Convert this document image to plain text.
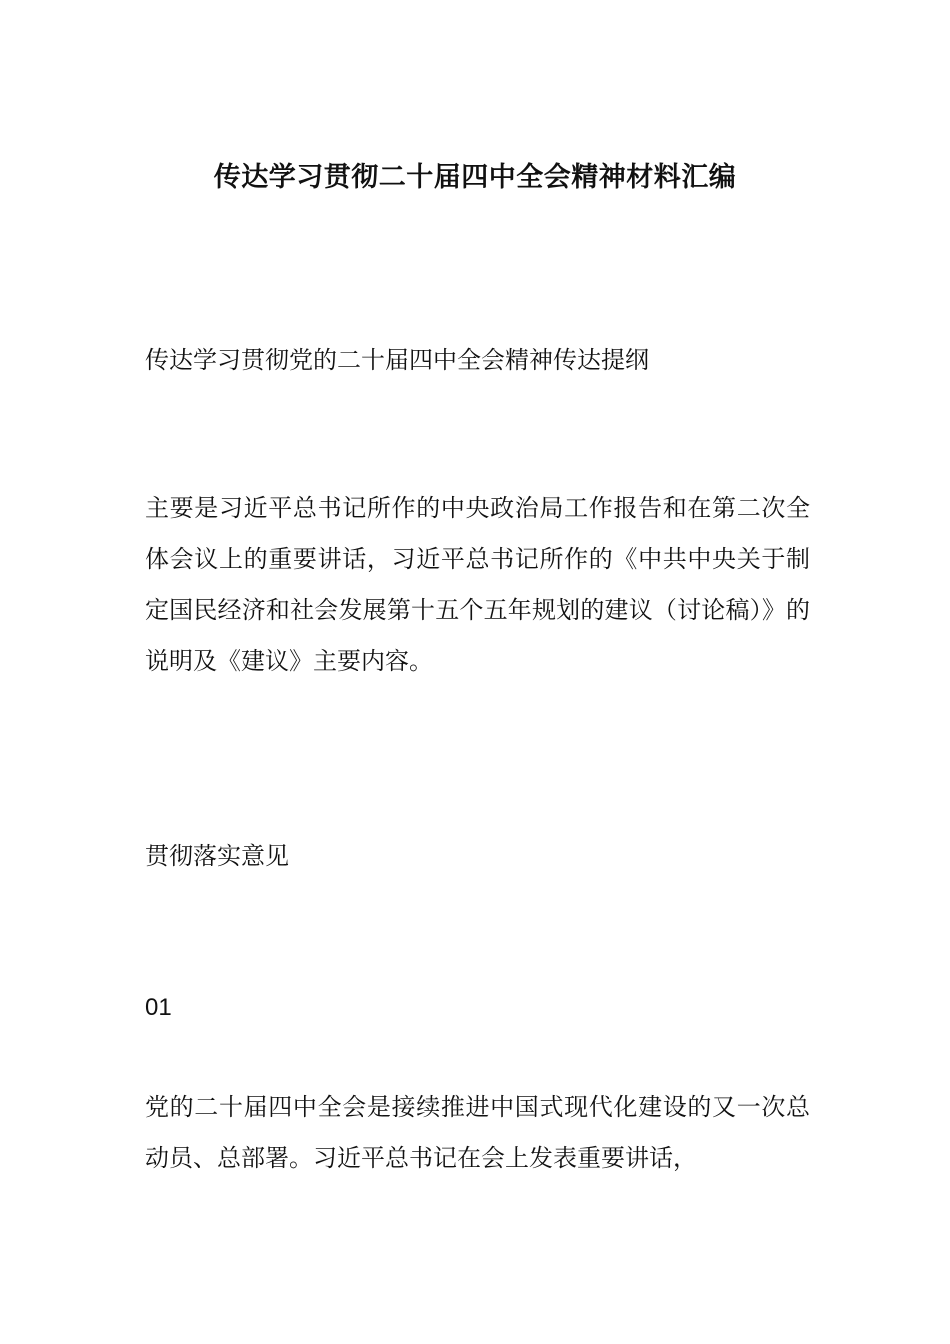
传达学习贯彻二十届四中全会精神材料汇编

传达学习贯彻党的二十届四中全会精神传达提纲

主要是习近平总书记所作的中央政治局工作报告和在第二次全体会议上的重要讲话，习近平总书记所作的《中共中央关于制定国民经济和社会发展第十五个五年规划的建议（讨论稿）》的说明及《建议》主要内容。

贯彻落实意见

01

党的二十届四中全会是接续推进中国式现代化建设的又一次总动员、总部署。习近平总书记在会上发表重要讲话，
